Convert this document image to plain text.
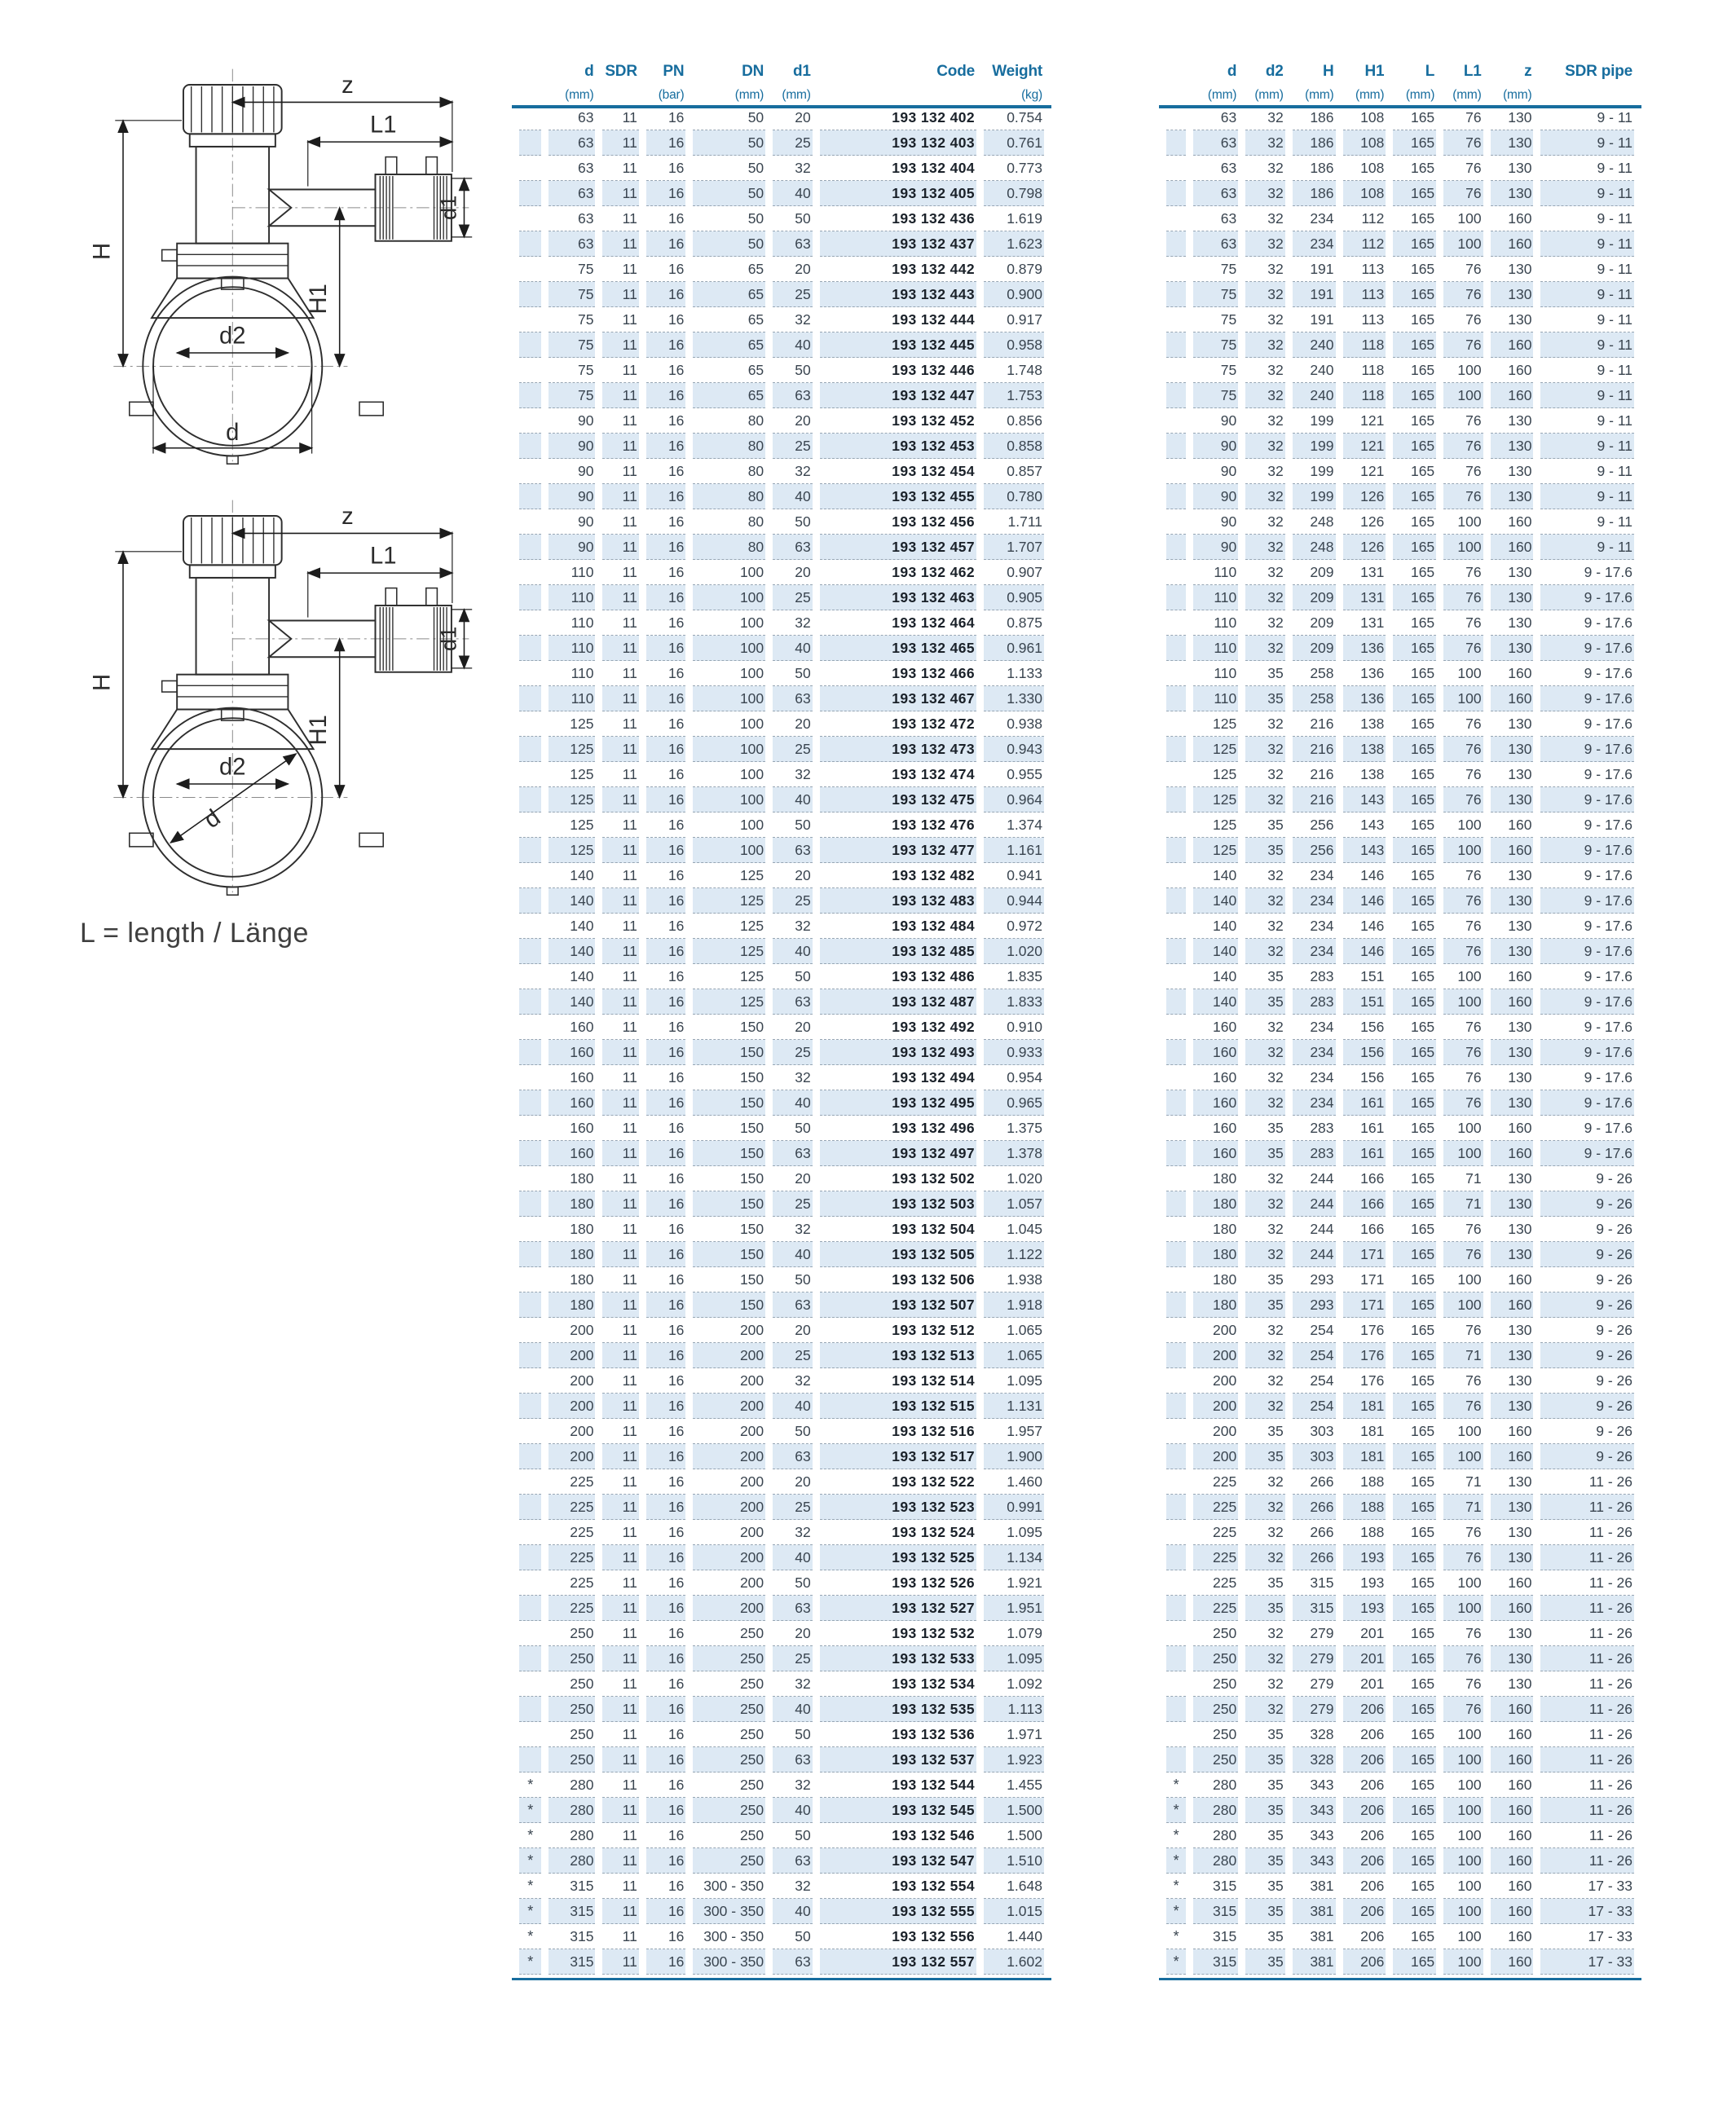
z
L1
H
H1
d1
d2
d
z
L1
H
H1
d1
d2
d
L = length / Länge
	d	SDR	PN	DN	d1	Code	Weight
	(mm)		(bar)	(mm)	(mm)		(kg)
	63	11	16	50	20	193 132 402	0.754
	63	11	16	50	25	193 132 403	0.761
	63	11	16	50	32	193 132 404	0.773
	63	11	16	50	40	193 132 405	0.798
	63	11	16	50	50	193 132 436	1.619
	63	11	16	50	63	193 132 437	1.623
	75	11	16	65	20	193 132 442	0.879
	75	11	16	65	25	193 132 443	0.900
	75	11	16	65	32	193 132 444	0.917
	75	11	16	65	40	193 132 445	0.958
	75	11	16	65	50	193 132 446	1.748
	75	11	16	65	63	193 132 447	1.753
	90	11	16	80	20	193 132 452	0.856
	90	11	16	80	25	193 132 453	0.858
	90	11	16	80	32	193 132 454	0.857
	90	11	16	80	40	193 132 455	0.780
	90	11	16	80	50	193 132 456	1.711
	90	11	16	80	63	193 132 457	1.707
	110	11	16	100	20	193 132 462	0.907
	110	11	16	100	25	193 132 463	0.905
	110	11	16	100	32	193 132 464	0.875
	110	11	16	100	40	193 132 465	0.961
	110	11	16	100	50	193 132 466	1.133
	110	11	16	100	63	193 132 467	1.330
	125	11	16	100	20	193 132 472	0.938
	125	11	16	100	25	193 132 473	0.943
	125	11	16	100	32	193 132 474	0.955
	125	11	16	100	40	193 132 475	0.964
	125	11	16	100	50	193 132 476	1.374
	125	11	16	100	63	193 132 477	1.161
	140	11	16	125	20	193 132 482	0.941
	140	11	16	125	25	193 132 483	0.944
	140	11	16	125	32	193 132 484	0.972
	140	11	16	125	40	193 132 485	1.020
	140	11	16	125	50	193 132 486	1.835
	140	11	16	125	63	193 132 487	1.833
	160	11	16	150	20	193 132 492	0.910
	160	11	16	150	25	193 132 493	0.933
	160	11	16	150	32	193 132 494	0.954
	160	11	16	150	40	193 132 495	0.965
	160	11	16	150	50	193 132 496	1.375
	160	11	16	150	63	193 132 497	1.378
	180	11	16	150	20	193 132 502	1.020
	180	11	16	150	25	193 132 503	1.057
	180	11	16	150	32	193 132 504	1.045
	180	11	16	150	40	193 132 505	1.122
	180	11	16	150	50	193 132 506	1.938
	180	11	16	150	63	193 132 507	1.918
	200	11	16	200	20	193 132 512	1.065
	200	11	16	200	25	193 132 513	1.065
	200	11	16	200	32	193 132 514	1.095
	200	11	16	200	40	193 132 515	1.131
	200	11	16	200	50	193 132 516	1.957
	200	11	16	200	63	193 132 517	1.900
	225	11	16	200	20	193 132 522	1.460
	225	11	16	200	25	193 132 523	0.991
	225	11	16	200	32	193 132 524	1.095
	225	11	16	200	40	193 132 525	1.134
	225	11	16	200	50	193 132 526	1.921
	225	11	16	200	63	193 132 527	1.951
	250	11	16	250	20	193 132 532	1.079
	250	11	16	250	25	193 132 533	1.095
	250	11	16	250	32	193 132 534	1.092
	250	11	16	250	40	193 132 535	1.113
	250	11	16	250	50	193 132 536	1.971
	250	11	16	250	63	193 132 537	1.923
*	280	11	16	250	32	193 132 544	1.455
*	280	11	16	250	40	193 132 545	1.500
*	280	11	16	250	50	193 132 546	1.500
*	280	11	16	250	63	193 132 547	1.510
*	315	11	16	300 - 350	32	193 132 554	1.648
*	315	11	16	300 - 350	40	193 132 555	1.015
*	315	11	16	300 - 350	50	193 132 556	1.440
*	315	11	16	300 - 350	63	193 132 557	1.602
	d	d2	H	H1	L	L1	z	SDR pipe
	(mm)	(mm)	(mm)	(mm)	(mm)	(mm)	(mm)	
	63	32	186	108	165	76	130	9 - 11
	63	32	186	108	165	76	130	9 - 11
	63	32	186	108	165	76	130	9 - 11
	63	32	186	108	165	76	130	9 - 11
	63	32	234	112	165	100	160	9 - 11
	63	32	234	112	165	100	160	9 - 11
	75	32	191	113	165	76	130	9 - 11
	75	32	191	113	165	76	130	9 - 11
	75	32	191	113	165	76	130	9 - 11
	75	32	240	118	165	76	160	9 - 11
	75	32	240	118	165	100	160	9 - 11
	75	32	240	118	165	100	160	9 - 11
	90	32	199	121	165	76	130	9 - 11
	90	32	199	121	165	76	130	9 - 11
	90	32	199	121	165	76	130	9 - 11
	90	32	199	126	165	76	130	9 - 11
	90	32	248	126	165	100	160	9 - 11
	90	32	248	126	165	100	160	9 - 11
	110	32	209	131	165	76	130	9 - 17.6
	110	32	209	131	165	76	130	9 - 17.6
	110	32	209	131	165	76	130	9 - 17.6
	110	32	209	136	165	76	130	9 - 17.6
	110	35	258	136	165	100	160	9 - 17.6
	110	35	258	136	165	100	160	9 - 17.6
	125	32	216	138	165	76	130	9 - 17.6
	125	32	216	138	165	76	130	9 - 17.6
	125	32	216	138	165	76	130	9 - 17.6
	125	32	216	143	165	76	130	9 - 17.6
	125	35	256	143	165	100	160	9 - 17.6
	125	35	256	143	165	100	160	9 - 17.6
	140	32	234	146	165	76	130	9 - 17.6
	140	32	234	146	165	76	130	9 - 17.6
	140	32	234	146	165	76	130	9 - 17.6
	140	32	234	146	165	76	130	9 - 17.6
	140	35	283	151	165	100	160	9 - 17.6
	140	35	283	151	165	100	160	9 - 17.6
	160	32	234	156	165	76	130	9 - 17.6
	160	32	234	156	165	76	130	9 - 17.6
	160	32	234	156	165	76	130	9 - 17.6
	160	32	234	161	165	76	130	9 - 17.6
	160	35	283	161	165	100	160	9 - 17.6
	160	35	283	161	165	100	160	9 - 17.6
	180	32	244	166	165	71	130	9 - 26
	180	32	244	166	165	71	130	9 - 26
	180	32	244	166	165	76	130	9 - 26
	180	32	244	171	165	76	130	9 - 26
	180	35	293	171	165	100	160	9 - 26
	180	35	293	171	165	100	160	9 - 26
	200	32	254	176	165	76	130	9 - 26
	200	32	254	176	165	71	130	9 - 26
	200	32	254	176	165	76	130	9 - 26
	200	32	254	181	165	76	130	9 - 26
	200	35	303	181	165	100	160	9 - 26
	200	35	303	181	165	100	160	9 - 26
	225	32	266	188	165	71	130	11 - 26
	225	32	266	188	165	71	130	11 - 26
	225	32	266	188	165	76	130	11 - 26
	225	32	266	193	165	76	130	11 - 26
	225	35	315	193	165	100	160	11 - 26
	225	35	315	193	165	100	160	11 - 26
	250	32	279	201	165	76	130	11 - 26
	250	32	279	201	165	76	130	11 - 26
	250	32	279	201	165	76	130	11 - 26
	250	32	279	206	165	76	160	11 - 26
	250	35	328	206	165	100	160	11 - 26
	250	35	328	206	165	100	160	11 - 26
*	280	35	343	206	165	100	160	11 - 26
*	280	35	343	206	165	100	160	11 - 26
*	280	35	343	206	165	100	160	11 - 26
*	280	35	343	206	165	100	160	11 - 26
*	315	35	381	206	165	100	160	17 - 33
*	315	35	381	206	165	100	160	17 - 33
*	315	35	381	206	165	100	160	17 - 33
*	315	35	381	206	165	100	160	17 - 33
